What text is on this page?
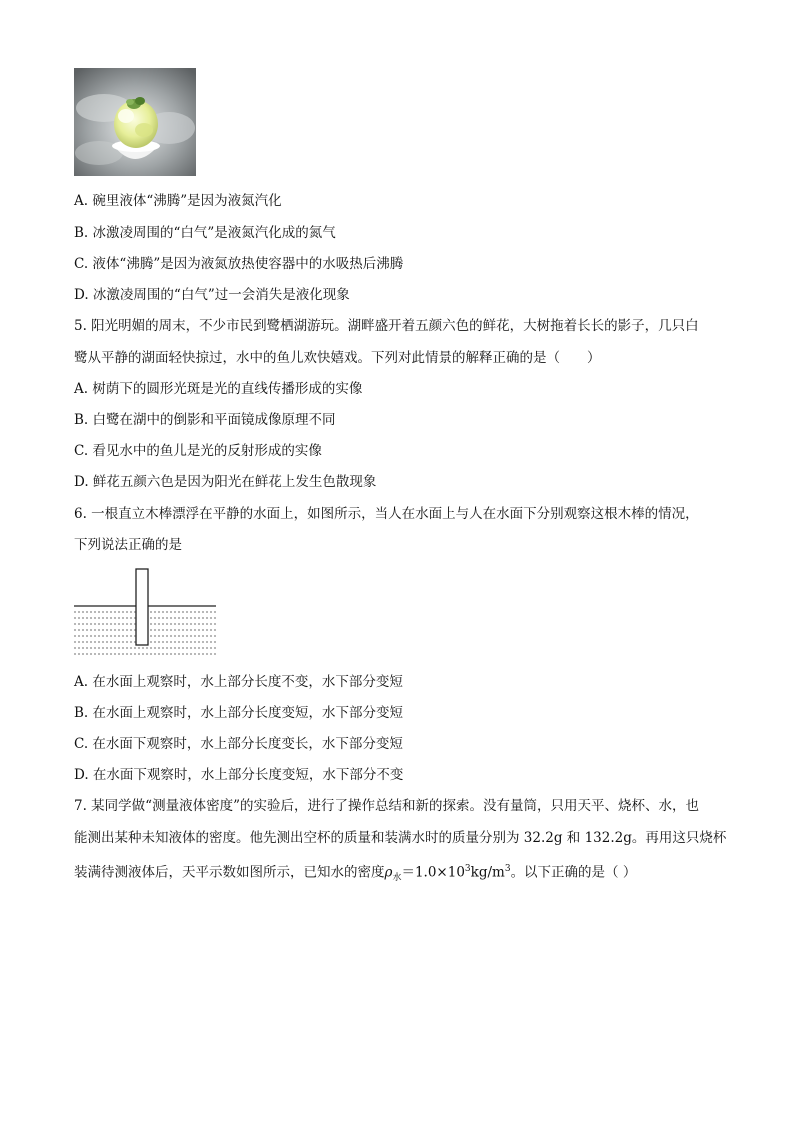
A. 碗里液体“沸腾”是因为液氮汽化
B. 冰激凌周围的“白气”是液氮汽化成的氮气
C. 液体“沸腾”是因为液氮放热使容器中的水吸热后沸腾
D. 冰激凌周围的“白气”过一会消失是液化现象
5. 阳光明媚的周末，不少市民到鹭栖湖游玩。湖畔盛开着五颜六色的鲜花，大树拖着长长的影子，几只白
鹭从平静的湖面轻快掠过，水中的鱼儿欢快嬉戏。下列对此情景的解释正确的是（　　）
A. 树荫下的圆形光斑是光的直线传播形成的实像
B. 白鹭在湖中的倒影和平面镜成像原理不同
C. 看见水中的鱼儿是光的反射形成的实像
D. 鲜花五颜六色是因为阳光在鲜花上发生色散现象
6. 一根直立木棒漂浮在平静的水面上，如图所示，当人在水面上与人在水面下分别观察这根木棒的情况，
下列说法正确的是
A. 在水面上观察时，水上部分长度不变，水下部分变短
B. 在水面上观察时，水上部分长度变短，水下部分变短
C. 在水面下观察时，水上部分长度变长，水下部分变短
D. 在水面下观察时，水上部分长度变短，水下部分不变
7. 某同学做“测量液体密度”的实验后，进行了操作总结和新的探索。没有量筒，只用天平、烧杯、水，也
能测出某种未知液体的密度。他先测出空杯的质量和装满水时的质量分别为 32.2g 和 132.2g。再用这只烧杯
装满待测液体后，天平示数如图所示，已知水的密度$\rho_水=1.0\times 10^3kg/m^3$。以下正确的是（ ）
